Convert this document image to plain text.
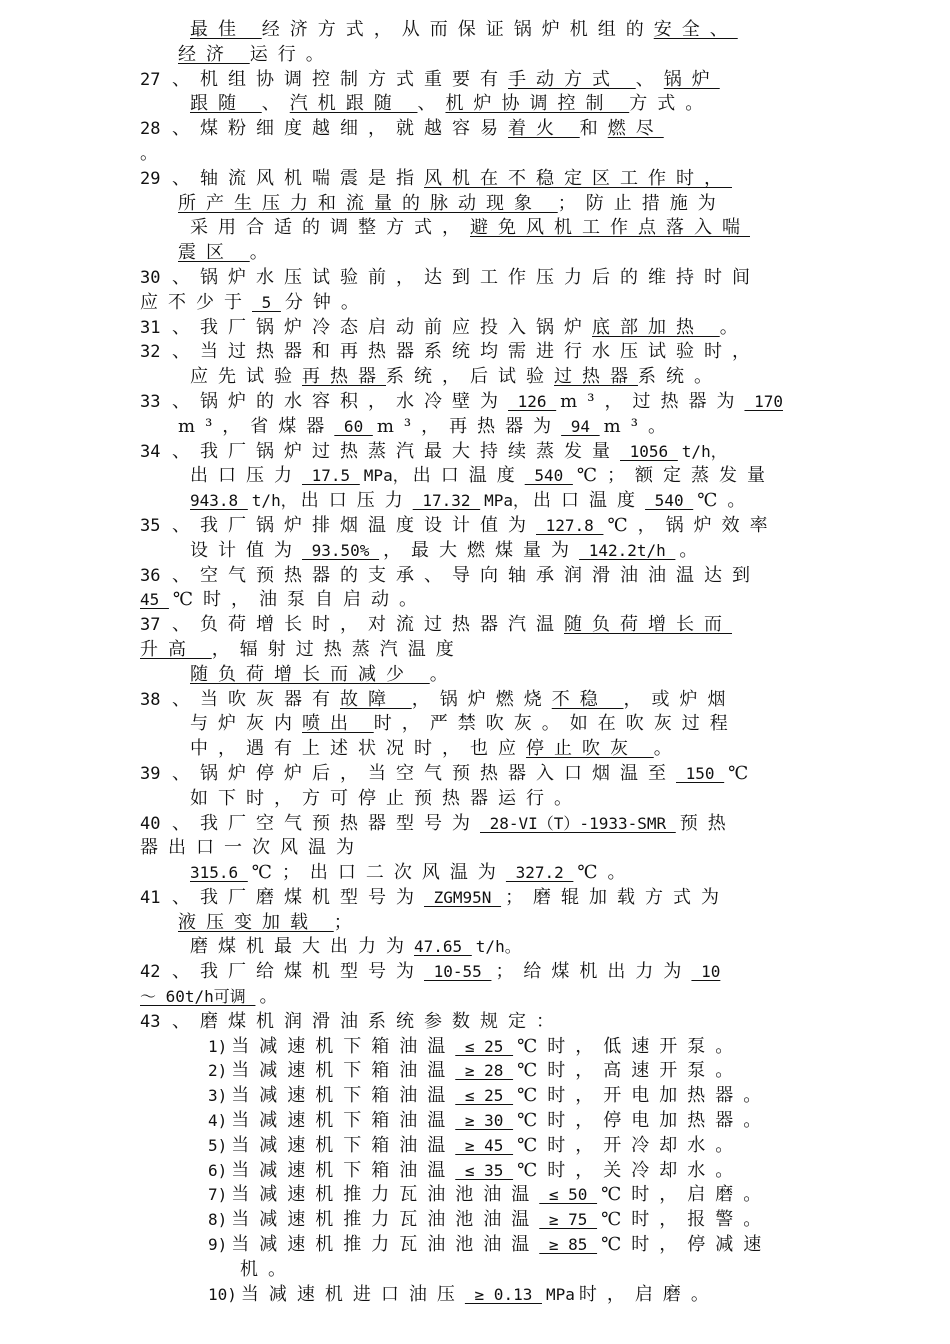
最佳 经济方式，从而保证锅炉机组的安全、
经济 运行。
27 、机组协调控制方式重要有手动方式 、锅炉
跟随 、汽机跟随 、机炉协调控制 方式。
28 、煤粉细度越细，就越容易着火 和燃尽
。
29 、轴流风机喘震是指风机在不稳定区工作时，
所产生压力和流量的脉动现象 ；防止措施为
采用合适的调整方式，避免风机工作点落入喘
震区 。
30 、锅炉水压试验前，达到工作压力后的维持时间
应不少于 5 分钟。
31 、我厂锅炉冷态启动前应投入锅炉底部加热 。
32 、当过热器和再热器系统均需进行水压试验时，
应先试验再热器系统，后试验过热器系统。
33 、锅炉的水容积，水冷壁为 126 m³，过热器为 170
m³，省煤器 60 m³，再热器为 94 m³。
34 、我厂锅炉过热蒸汽最大持续蒸发量 1056 t/h，
出口压力 17.5 MPa， 出口温度 540 ℃；额定蒸发量
943.8 t/h， 出口压力 17.32 MPa， 出口温度 540 ℃。
35 、我厂锅炉排烟温度设计值为 127.8 ℃，锅炉效率
设计值为 93.50% ，最大燃煤量为 142.2t/h 。
36 、空气预热器的支承、导向轴承润滑油油温达到
45 ℃时，油泵自启动。
37 、负荷增长时，对流过热器汽温随负荷增长而
升高 ，辐射过热蒸汽温度
随负荷增长而减少 。
38 、当吹灰器有故障 ，锅炉燃烧不稳 ，或炉烟
与炉灰内喷出 时，严禁吹灰。如在吹灰过程
中，遇有上述状况时，也应停止吹灰 。
39 、锅炉停炉后，当空气预热器入口烟温至 150 ℃
如下时，方可停止预热器运行。
40 、我厂空气预热器型号为 28-VI（T）-1933-SMR 预热
器出口一次风温为
315.6 ℃；出口二次风温为 327.2 ℃。
41 、我厂磨煤机型号为 ZGM95N ；磨辊加载方式为
液压变加载 ；
磨煤机最大出力为47.65 t/h。
42 、我厂给煤机型号为 10-55 ；给煤机出力为 10
～ 60t/h可调 。
43 、磨煤机润滑油系统参数规定：
1) 当减速机下箱油温 ≤ 25 ℃时，低速开泵。
2) 当减速机下箱油温 ≥ 28 ℃时，高速开泵。
3) 当减速机下箱油温 ≤ 25 ℃时，开电加热器。
4) 当减速机下箱油温 ≥ 30 ℃时，停电加热器。
5) 当减速机下箱油温 ≥ 45 ℃时，开冷却水。
6) 当减速机下箱油温 ≤ 35 ℃时，关冷却水。
7) 当减速机推力瓦油池油温 ≤ 50 ℃时，启磨。
8) 当减速机推力瓦油池油温 ≥ 75 ℃时，报警。
9) 当减速机推力瓦油池油温 ≥ 85 ℃时，停减速
机。
10) 当减速机进口油压 ≥ 0.13 MPa 时，启磨。
